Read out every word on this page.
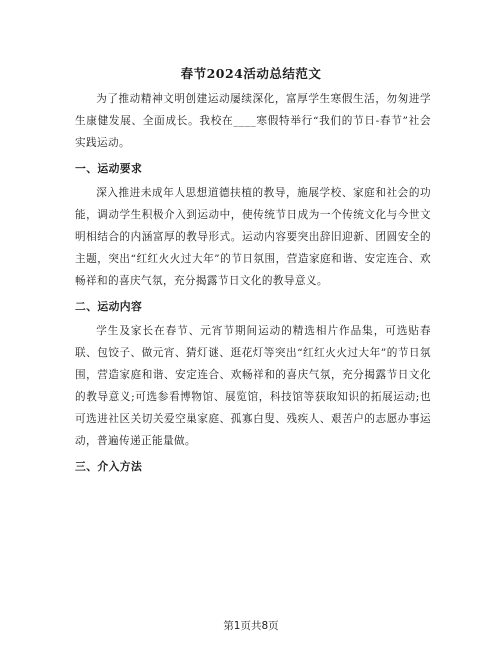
春节2024活动总结范文

为了推动精神文明创建运动屡续深化，富厚学生寒假生活，勿匆进学生康健发展、全面成长。我校在____寒假特举行“我们的节日-春节”社会实践运动。

一、运动要求

深入推进未成年人思想道德扶植的教导，施展学校、家庭和社会的功能，调动学生积极介入到运动中，使传统节日成为一个传统文化与今世文明相结合的内涵富厚的教导形式。运动内容要突出辞旧迎新、团圆安全的主题，突出“红红火火过大年”的节日氛围，营造家庭和谐、安定连合、欢畅祥和的喜庆气氛，充分揭露节日文化的教导意义。

二、运动内容

学生及家长在春节、元宵节期间运动的精选相片作品集，可选贴春联、包饺子、做元宵、猜灯谜、逛花灯等突出“红红火火过大年”的节日氛围，营造家庭和谐、安定连合、欢畅祥和的喜庆气氛，充分揭露节日文化的教导意义;可选参看博物馆、展览馆，科技馆等获取知识的拓展运动;也可选进社区关切关爱空巢家庭、孤寡白叟、残疾人、艰苦户的志愿办事运动，普遍传递正能量做。

三、介入方法
第1页共8页
